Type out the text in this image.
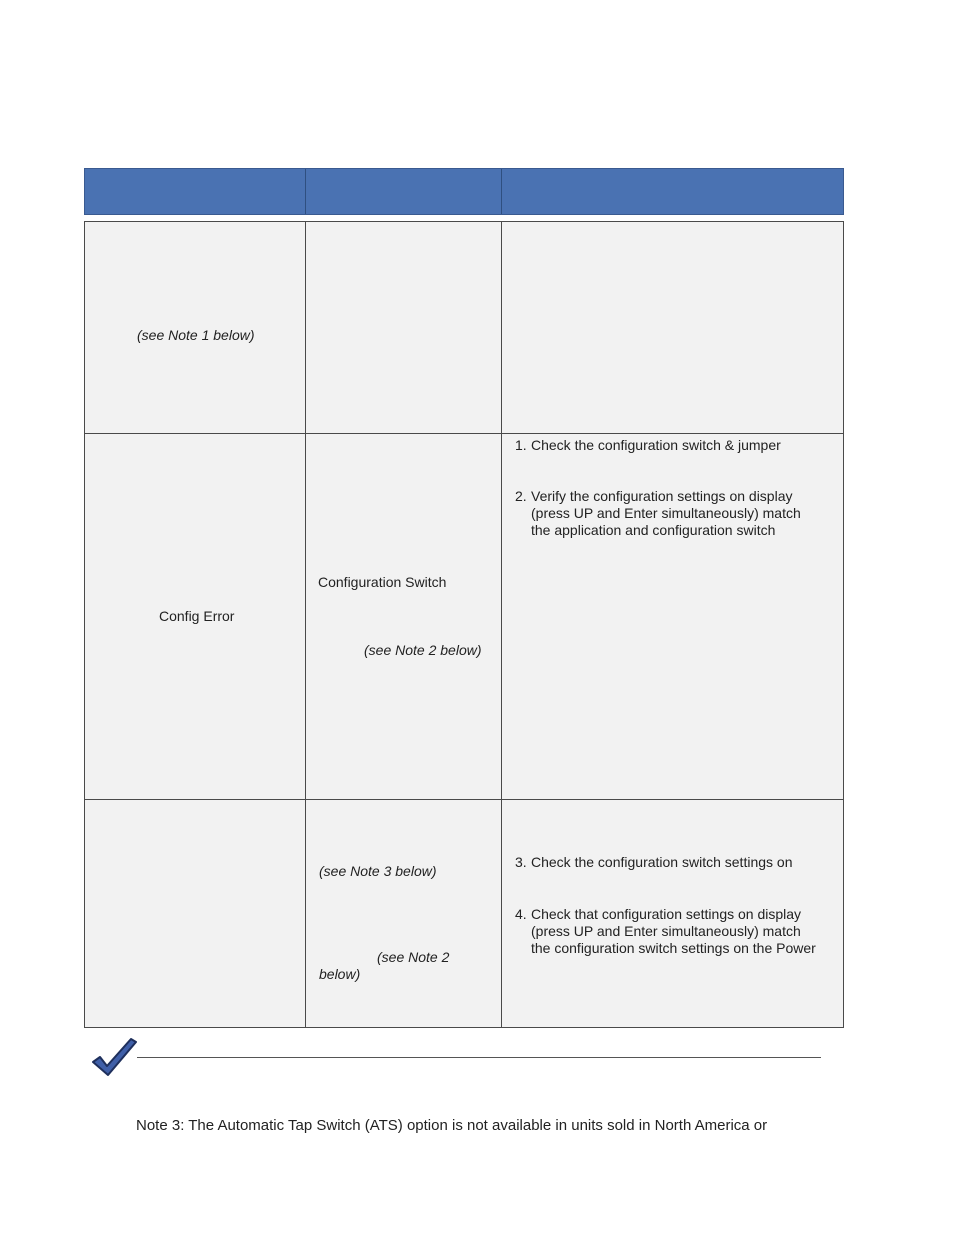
(see Note 1 below)
Config Error
Configuration Switch
(see Note 2 below)
1. Check the configuration switch & jumper
2. Verify the configuration settings on display
(press UP and Enter simultaneously) match
the application and configuration switch
(see Note 3 below)
(see Note 2
below)
3. Check the configuration switch settings on
4. Check that configuration settings on display
(press UP and Enter simultaneously) match
the configuration switch settings on the Power
Note 3: The Automatic Tap Switch (ATS) option is not available in units sold in North America or
